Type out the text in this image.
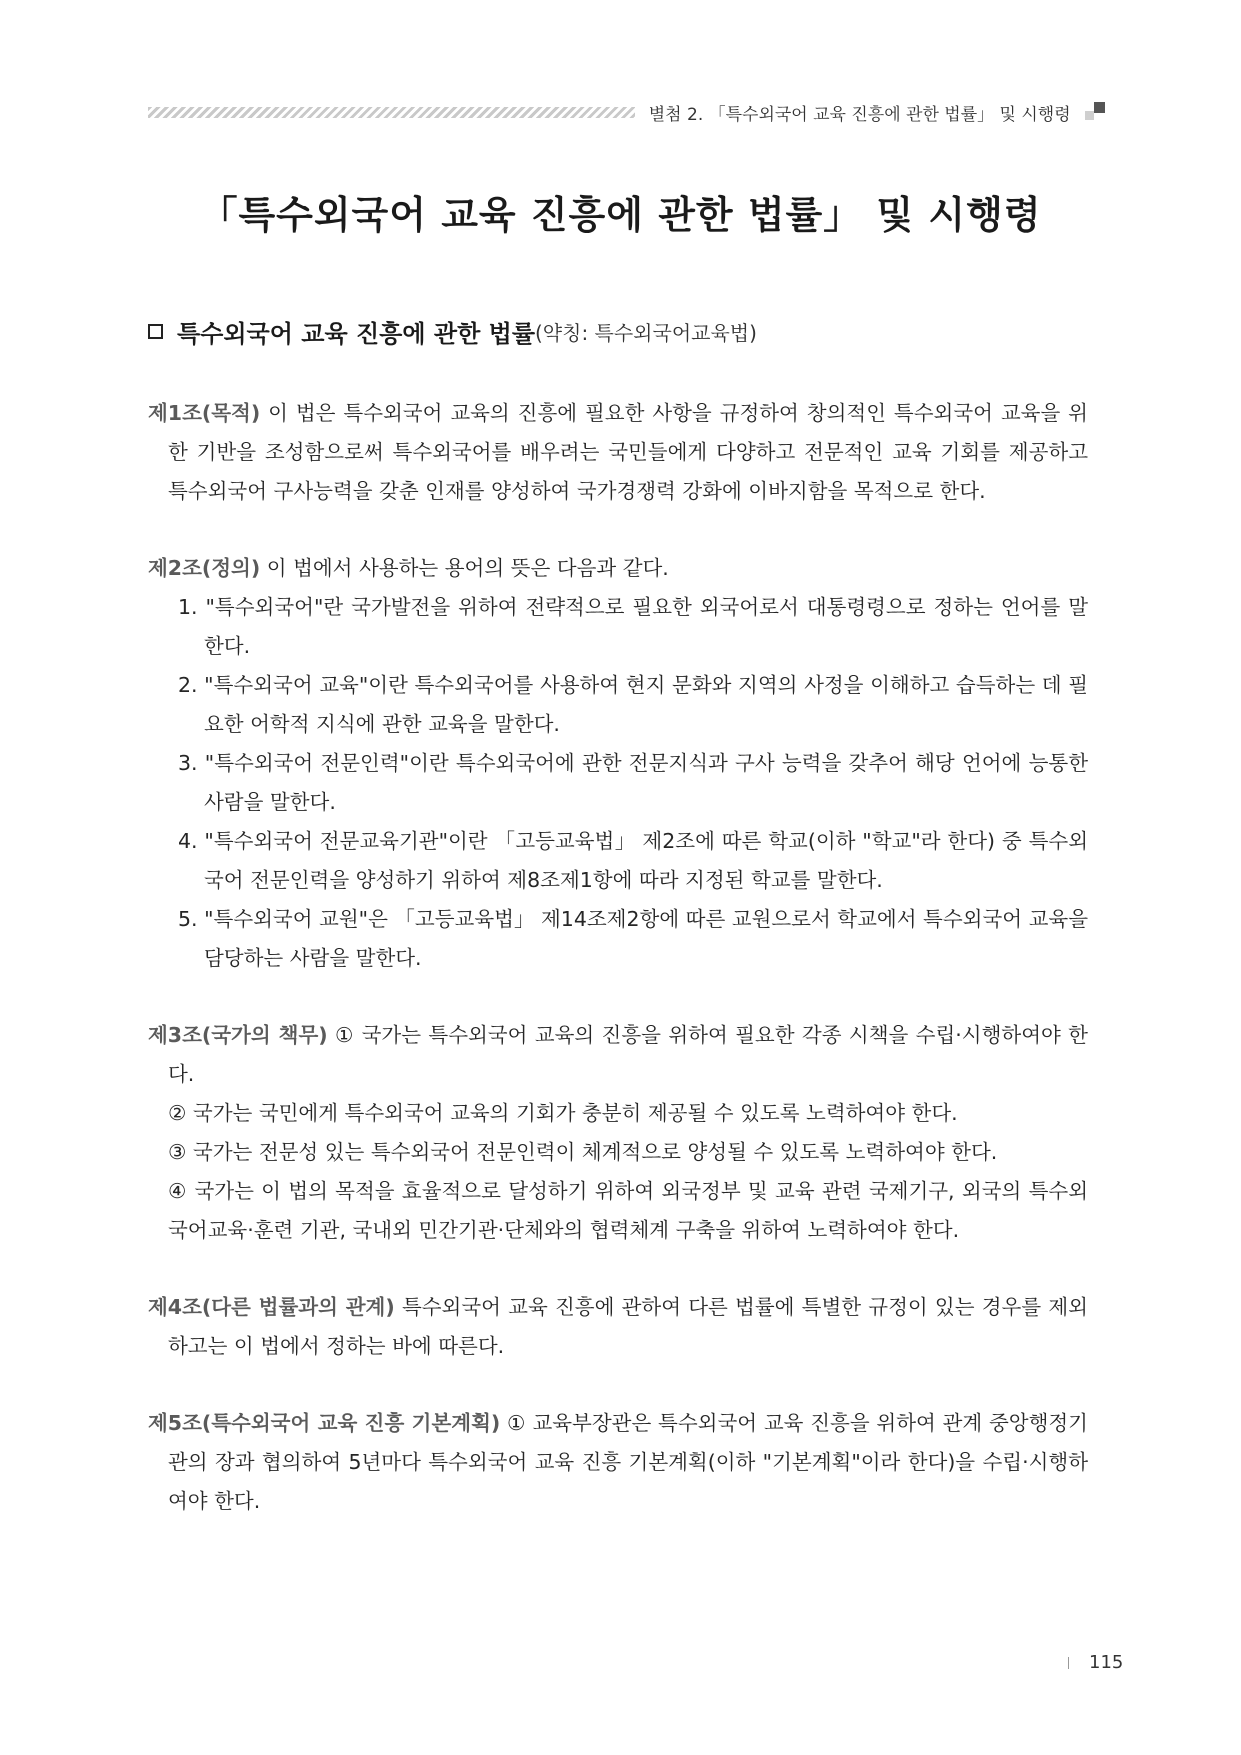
별첨 2. 「특수외국어 교육 진흥에 관한 법률」 및 시행령
「특수외국어 교육 진흥에 관한 법률」 및 시행령
특수외국어 교육 진흥에 관한 법률 (약칭: 특수외국어교육법)
제1조(목적) 이 법은 특수외국어 교육의 진흥에 필요한 사항을 규정하여 창의적인 특수외국어 교육을 위한 기반을 조성함으로써 특수외국어를 배우려는 국민들에게 다양하고 전문적인 교육 기회를 제공하고 특수외국어 구사능력을 갖춘 인재를 양성하여 국가경쟁력 강화에 이바지함을 목적으로 한다.
제2조(정의) 이 법에서 사용하는 용어의 뜻은 다음과 같다.
1. "특수외국어"란 국가발전을 위하여 전략적으로 필요한 외국어로서 대통령령으로 정하는 언어를 말한다.
2. "특수외국어 교육"이란 특수외국어를 사용하여 현지 문화와 지역의 사정을 이해하고 습득하는 데 필요한 어학적 지식에 관한 교육을 말한다.
3. "특수외국어 전문인력"이란 특수외국어에 관한 전문지식과 구사 능력을 갖추어 해당 언어에 능통한 사람을 말한다.
4. "특수외국어 전문교육기관"이란 「고등교육법」 제2조에 따른 학교(이하 "학교"라 한다) 중 특수외국어 전문인력을 양성하기 위하여 제8조제1항에 따라 지정된 학교를 말한다.
5. "특수외국어 교원"은 「고등교육법」 제14조제2항에 따른 교원으로서 학교에서 특수외국어 교육을 담당하는 사람을 말한다.
제3조(국가의 책무) ① 국가는 특수외국어 교육의 진흥을 위하여 필요한 각종 시책을 수립·시행하여야 한다.
② 국가는 국민에게 특수외국어 교육의 기회가 충분히 제공될 수 있도록 노력하여야 한다.
③ 국가는 전문성 있는 특수외국어 전문인력이 체계적으로 양성될 수 있도록 노력하여야 한다.
④ 국가는 이 법의 목적을 효율적으로 달성하기 위하여 외국정부 및 교육 관련 국제기구, 외국의 특수외국어교육·훈련 기관, 국내외 민간기관·단체와의 협력체계 구축을 위하여 노력하여야 한다.
제4조(다른 법률과의 관계) 특수외국어 교육 진흥에 관하여 다른 법률에 특별한 규정이 있는 경우를 제외하고는 이 법에서 정하는 바에 따른다.
제5조(특수외국어 교육 진흥 기본계획) ① 교육부장관은 특수외국어 교육 진흥을 위하여 관계 중앙행정기관의 장과 협의하여 5년마다 특수외국어 교육 진흥 기본계획(이하 "기본계획"이라 한다)을 수립·시행하여야 한다.
115
